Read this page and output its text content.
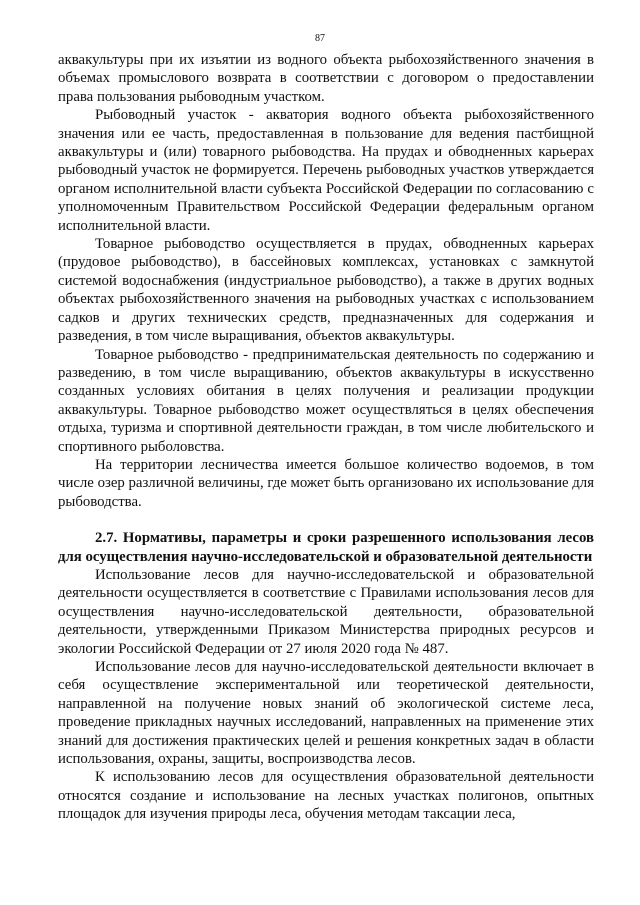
87

аквакультуры при их изъятии из водного объекта рыбохозяйственного значения в объемах промыслового возврата в соответствии с договором о предоставлении права пользования рыбоводным участком.

Рыбоводный участок - акватория водного объекта рыбохозяйственного значения или ее часть, предоставленная в пользование для ведения пастбищной аквакультуры и (или) товарного рыбоводства. На прудах и обводненных карьерах рыбоводный участок не формируется. Перечень рыбоводных участков утверждается органом исполнительной власти субъекта Российской Федерации по согласованию с уполномоченным Правительством Российской Федерации федеральным органом исполнительной власти.

Товарное рыбоводство осуществляется в прудах, обводненных карьерах (прудовое рыбоводство), в бассейновых комплексах, установках с замкнутой системой водоснабжения (индустриальное рыбоводство), а также в других водных объектах рыбохозяйственного значения на рыбоводных участках с использованием садков и других технических средств, предназначенных для содержания и разведения, в том числе выращивания, объектов аквакультуры.

Товарное рыбоводство - предпринимательская деятельность по содержанию и разведению, в том числе выращиванию, объектов аквакультуры в искусственно созданных условиях обитания в целях получения и реализации продукции аквакультуры. Товарное рыбоводство может осуществляться в целях обеспечения отдыха, туризма и спортивной деятельности граждан, в том числе любительского и спортивного рыболовства.

На территории лесничества имеется большое количество водоемов, в том числе озер различной величины, где может быть организовано их использование для рыбоводства.

2.7. Нормативы, параметры и сроки разрешенного использования лесов для осуществления научно-исследовательской и образовательной деятельности

Использование лесов для научно-исследовательской и образовательной деятельности осуществляется в соответствие с Правилами использования лесов для осуществления научно-исследовательской деятельности, образовательной деятельности, утвержденными Приказом Министерства природных ресурсов и экологии Российской Федерации от 27 июля 2020 года № 487.

Использование лесов для научно-исследовательской деятельности включает в себя осуществление экспериментальной или теоретической деятельности, направленной на получение новых знаний об экологической системе леса, проведение прикладных научных исследований, направленных на применение этих знаний для достижения практических целей и решения конкретных задач в области использования, охраны, защиты, воспроизводства лесов.

К использованию лесов для осуществления образовательной деятельности относятся создание и использование на лесных участках полигонов, опытных площадок для изучения природы леса, обучения методам таксации леса,
